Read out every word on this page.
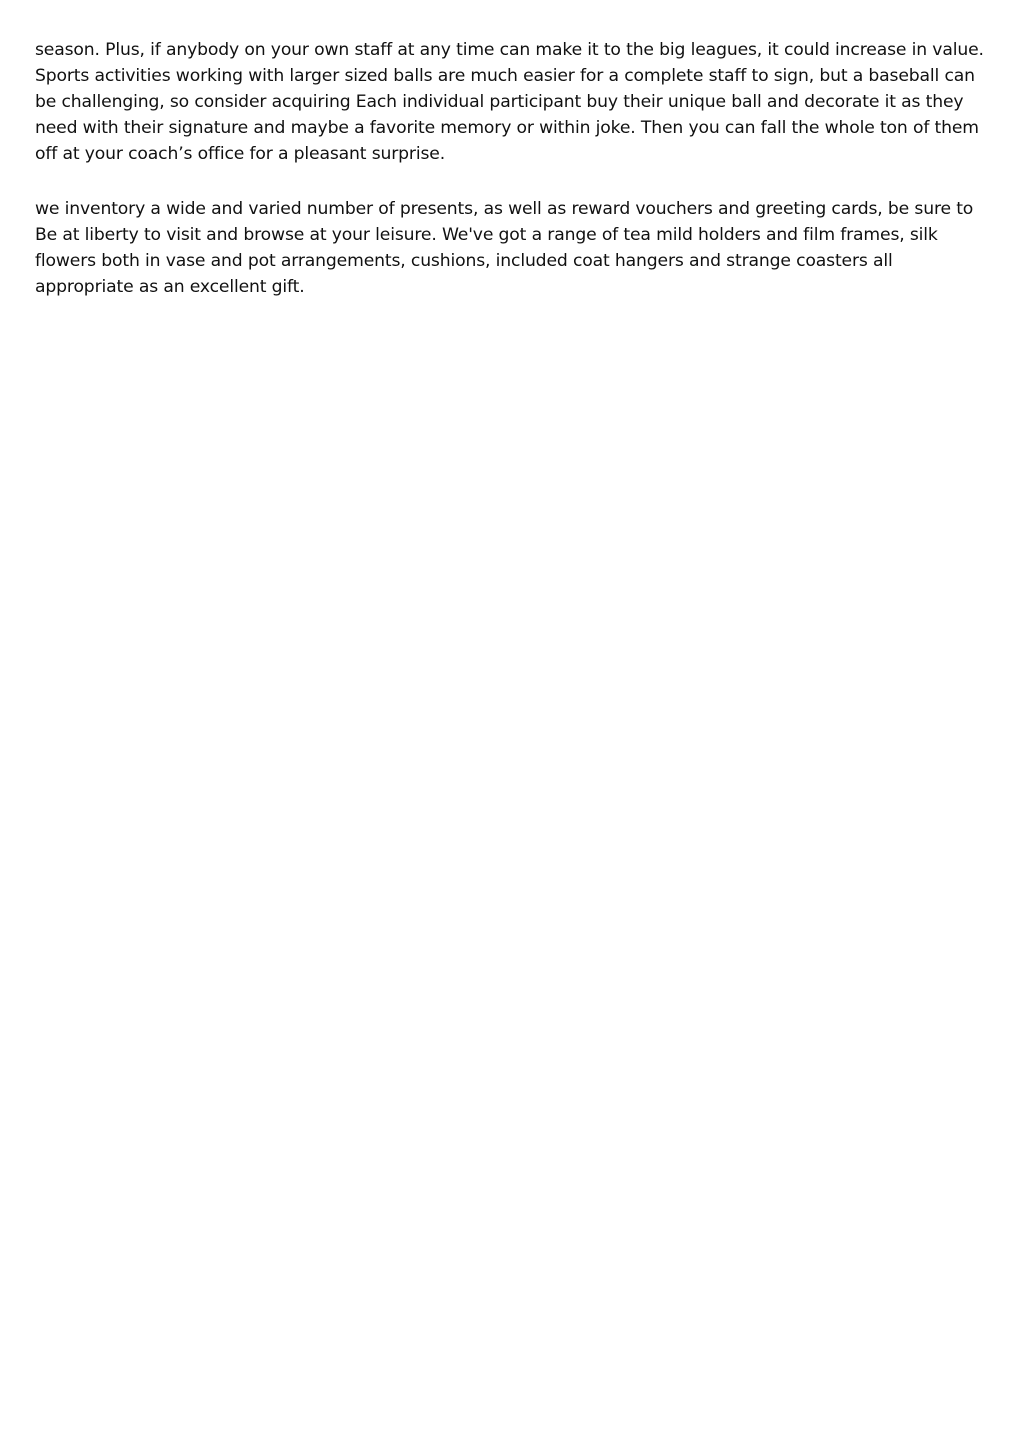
season. Plus, if anybody on your own staff at any time can make it to the big leagues, it could increase in value. Sports activities working with larger sized balls are much easier for a complete staff to sign, but a baseball can be challenging, so consider acquiring Each individual participant buy their unique ball and decorate it as they need with their signature and maybe a favorite memory or within joke. Then you can fall the whole ton of them off at your coach’s office for a pleasant surprise.

we inventory a wide and varied number of presents, as well as reward vouchers and greeting cards, be sure to Be at liberty to visit and browse at your leisure. We've got a range of tea mild holders and film frames, silk flowers both in vase and pot arrangements, cushions, included coat hangers and strange coasters all appropriate as an excellent gift.
